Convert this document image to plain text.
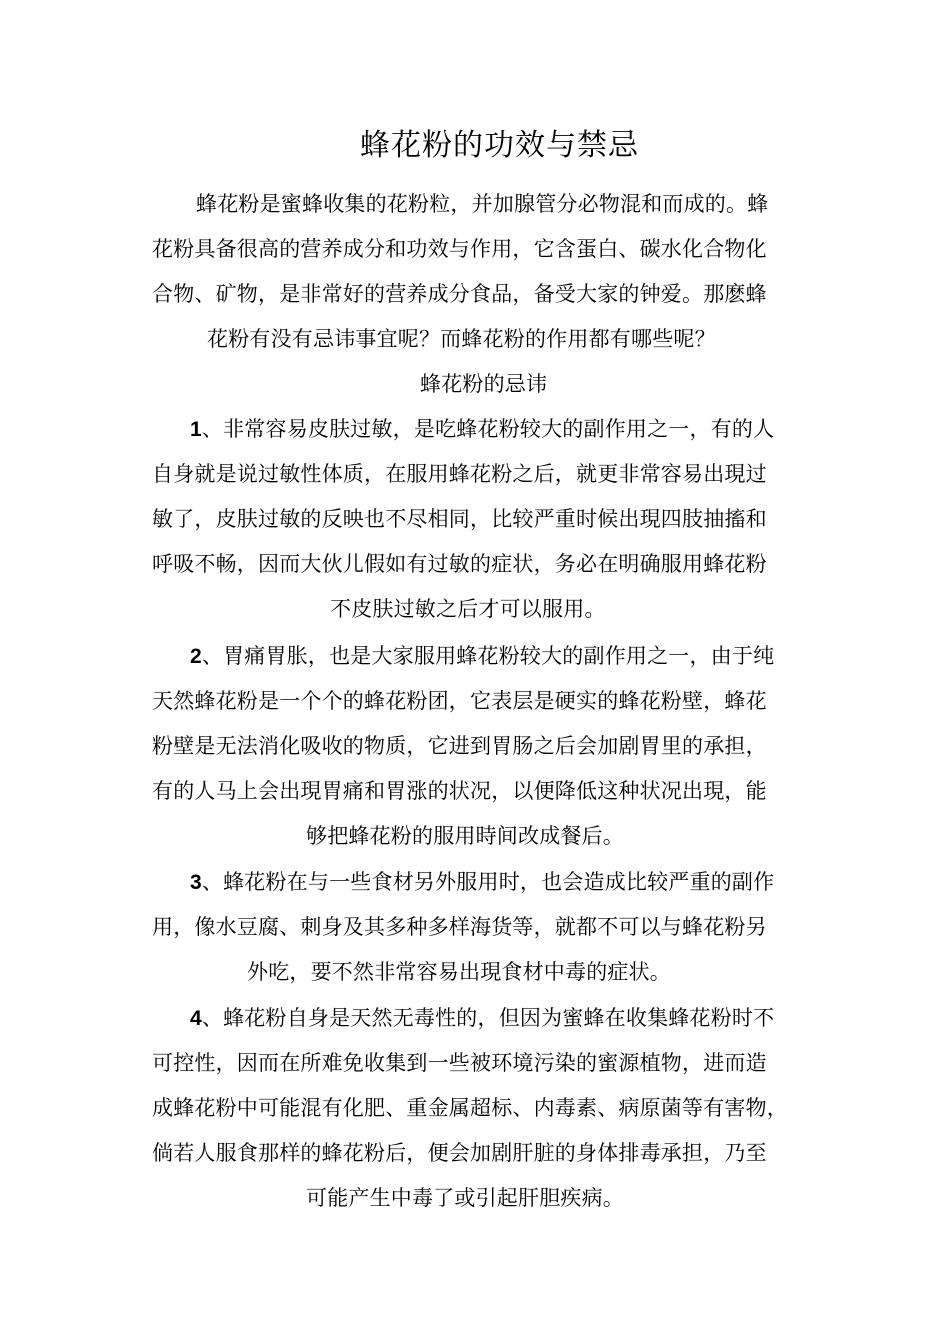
蜂花粉的功效与禁忌
蜂花粉是蜜蜂收集的花粉粒，并加腺管分必物混和而成的。蜂
花粉具备很高的营养成分和功效与作用，它含蛋白、碳水化合物化
合物、矿物，是非常好的营养成分食品，备受大家的钟爱。那麽蜂
花粉有没有忌讳事宜呢？而蜂花粉的作用都有哪些呢？
蜂花粉的忌讳
1、非常容易皮肤过敏，是吃蜂花粉较大的副作用之一，有的人
自身就是说过敏性体质，在服用蜂花粉之后，就更非常容易出現过
敏了，皮肤过敏的反映也不尽相同，比较严重时候出現四肢抽搐和
呼吸不畅，因而大伙儿假如有过敏的症状，务必在明确服用蜂花粉
不皮肤过敏之后才可以服用。
2、胃痛胃胀，也是大家服用蜂花粉较大的副作用之一，由于纯
天然蜂花粉是一个个的蜂花粉团，它表层是硬实的蜂花粉壁，蜂花
粉壁是无法消化吸收的物质，它进到胃肠之后会加剧胃里的承担，
有的人马上会出現胃痛和胃涨的状况，以便降低这种状况出現，能
够把蜂花粉的服用時间改成餐后。
3、蜂花粉在与一些食材另外服用时，也会造成比较严重的副作
用，像水豆腐、刺身及其多种多样海货等，就都不可以与蜂花粉另
外吃，要不然非常容易出現食材中毒的症状。
4、蜂花粉自身是天然无毒性的，但因为蜜蜂在收集蜂花粉时不
可控性，因而在所难免收集到一些被环境污染的蜜源植物，进而造
成蜂花粉中可能混有化肥、重金属超标、内毒素、病原菌等有害物，
倘若人服食那样的蜂花粉后，便会加剧肝脏的身体排毒承担，乃至
可能产生中毒了或引起肝胆疾病。
